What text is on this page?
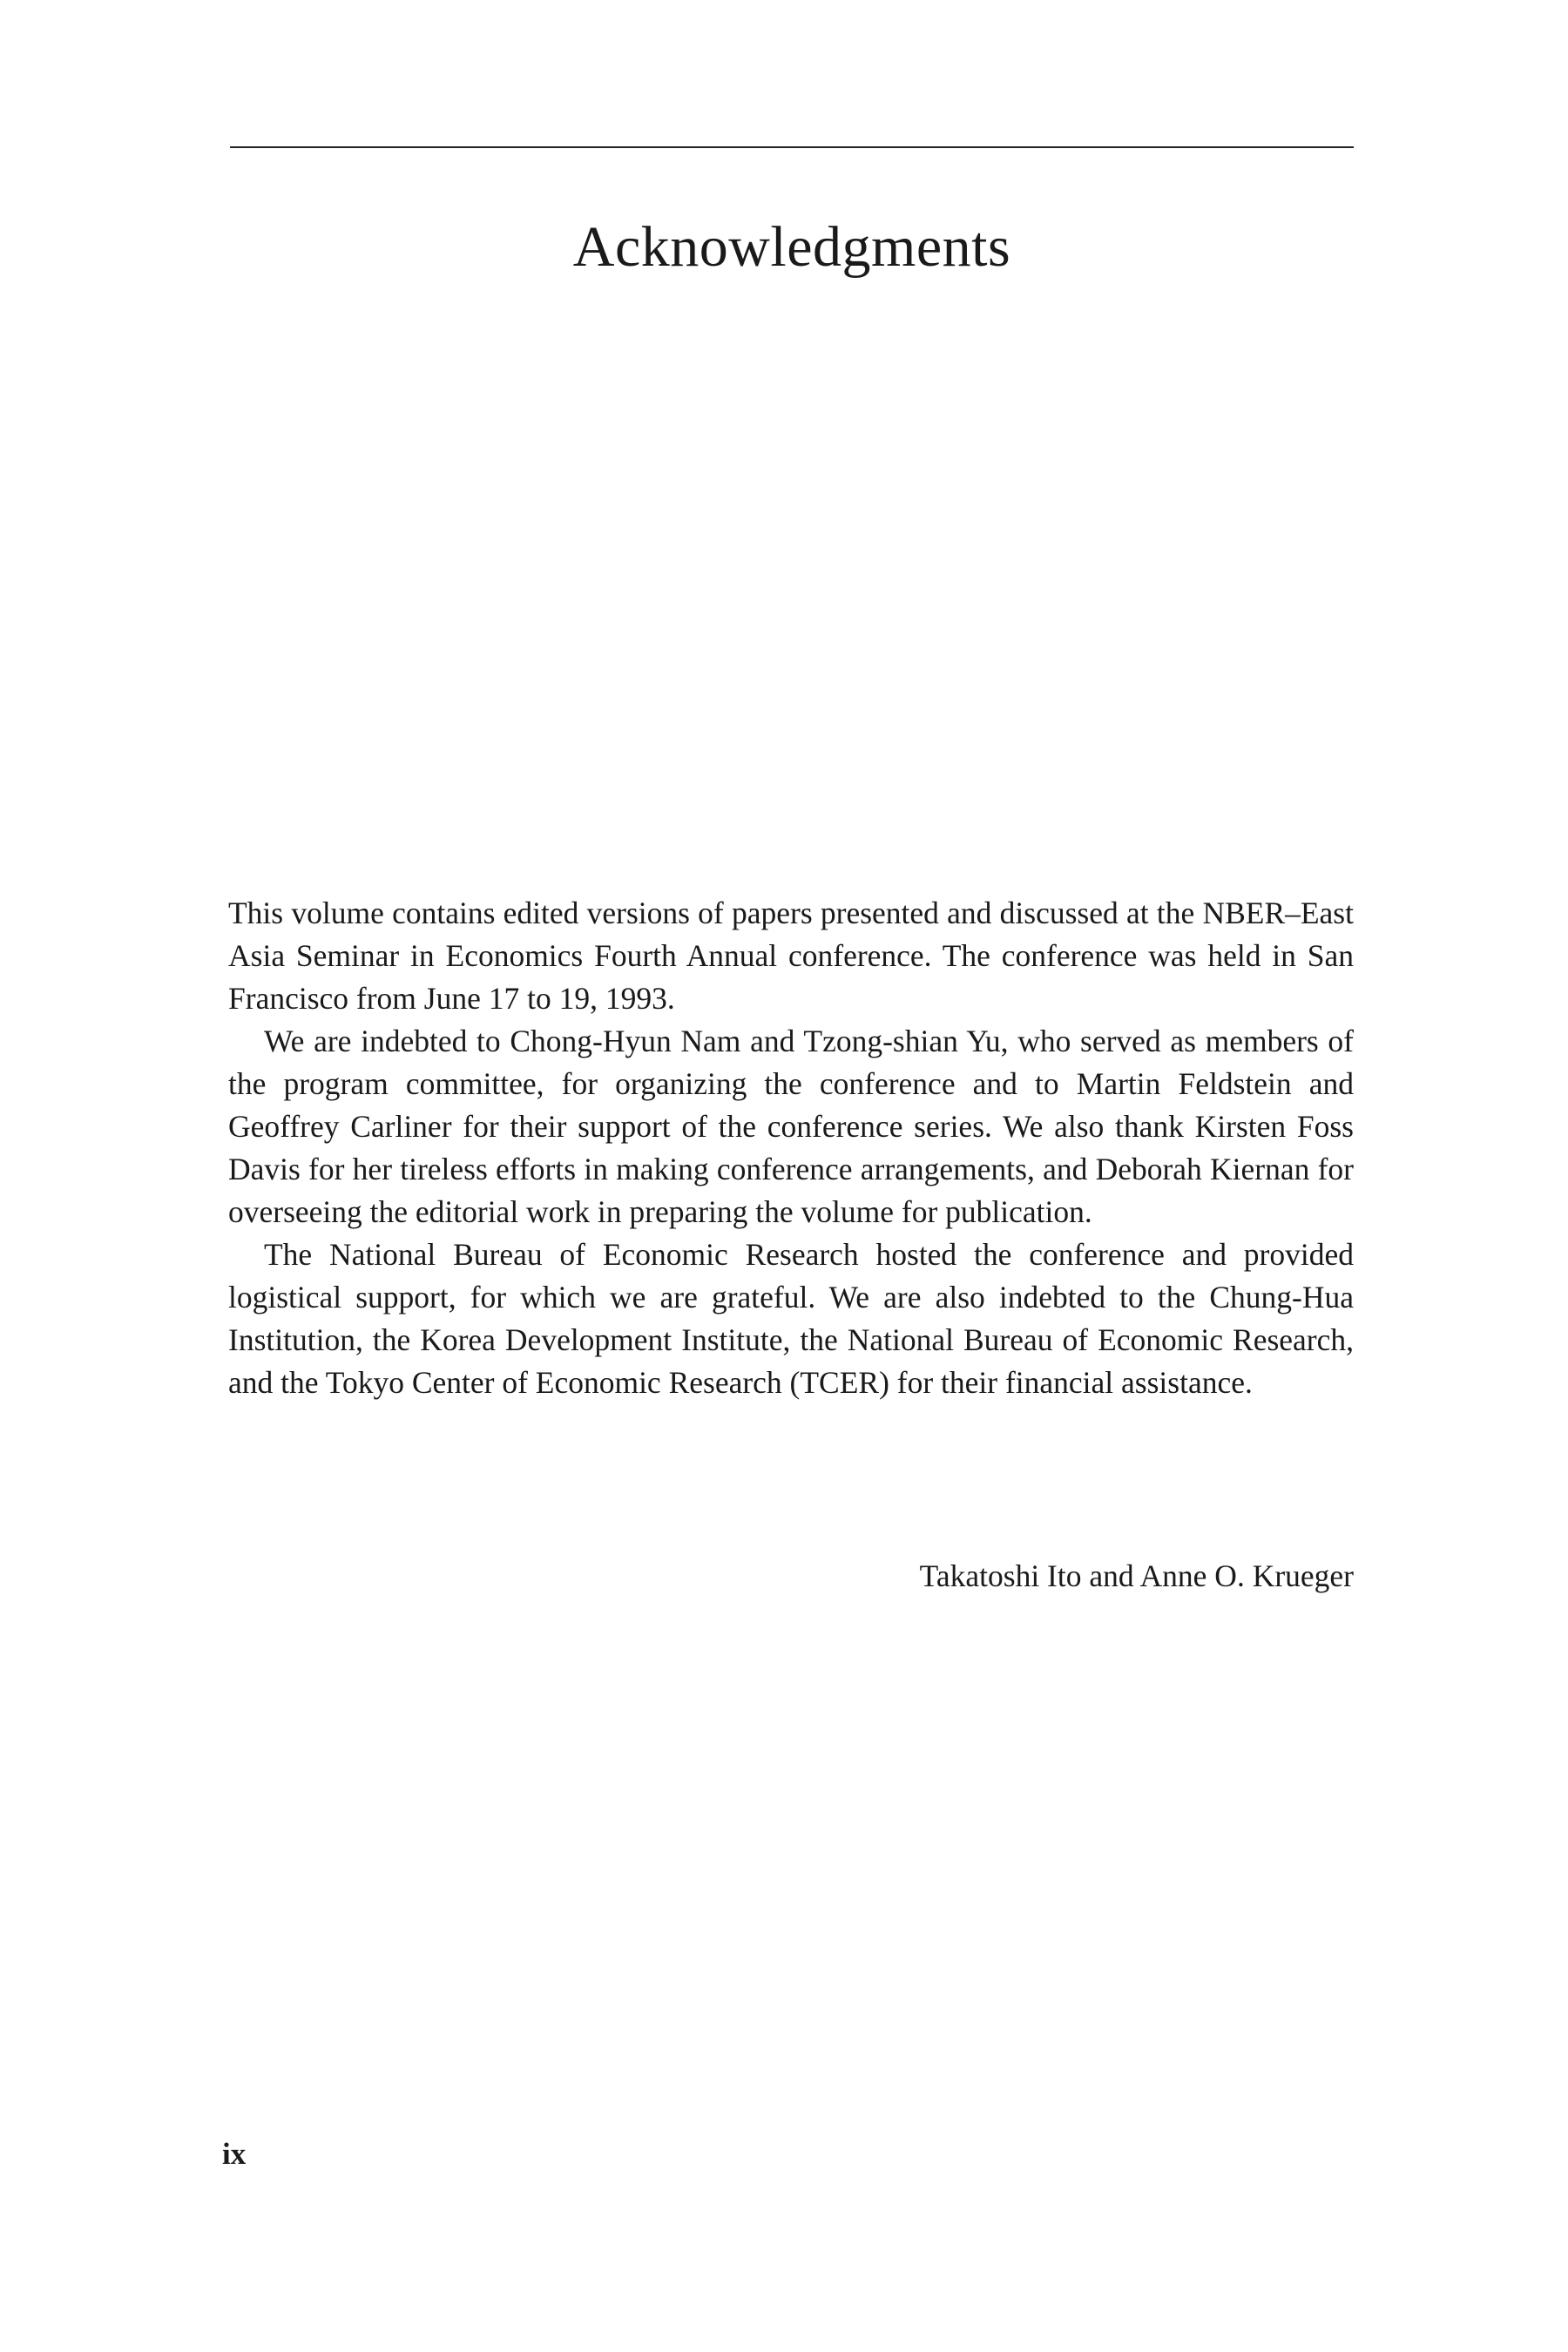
Acknowledgments

This volume contains edited versions of papers presented and discussed at the NBER–East Asia Seminar in Economics Fourth Annual conference. The conference was held in San Francisco from June 17 to 19, 1993.

We are indebted to Chong-Hyun Nam and Tzong-shian Yu, who served as members of the program committee, for organizing the conference and to Martin Feldstein and Geoffrey Carliner for their support of the conference series. We also thank Kirsten Foss Davis for her tireless efforts in making conference arrangements, and Deborah Kiernan for overseeing the editorial work in preparing the volume for publication.

The National Bureau of Economic Research hosted the conference and provided logistical support, for which we are grateful. We are also indebted to the Chung-Hua Institution, the Korea Development Institute, the National Bureau of Economic Research, and the Tokyo Center of Economic Research (TCER) for their financial assistance.

Takatoshi Ito and Anne O. Krueger
ix
